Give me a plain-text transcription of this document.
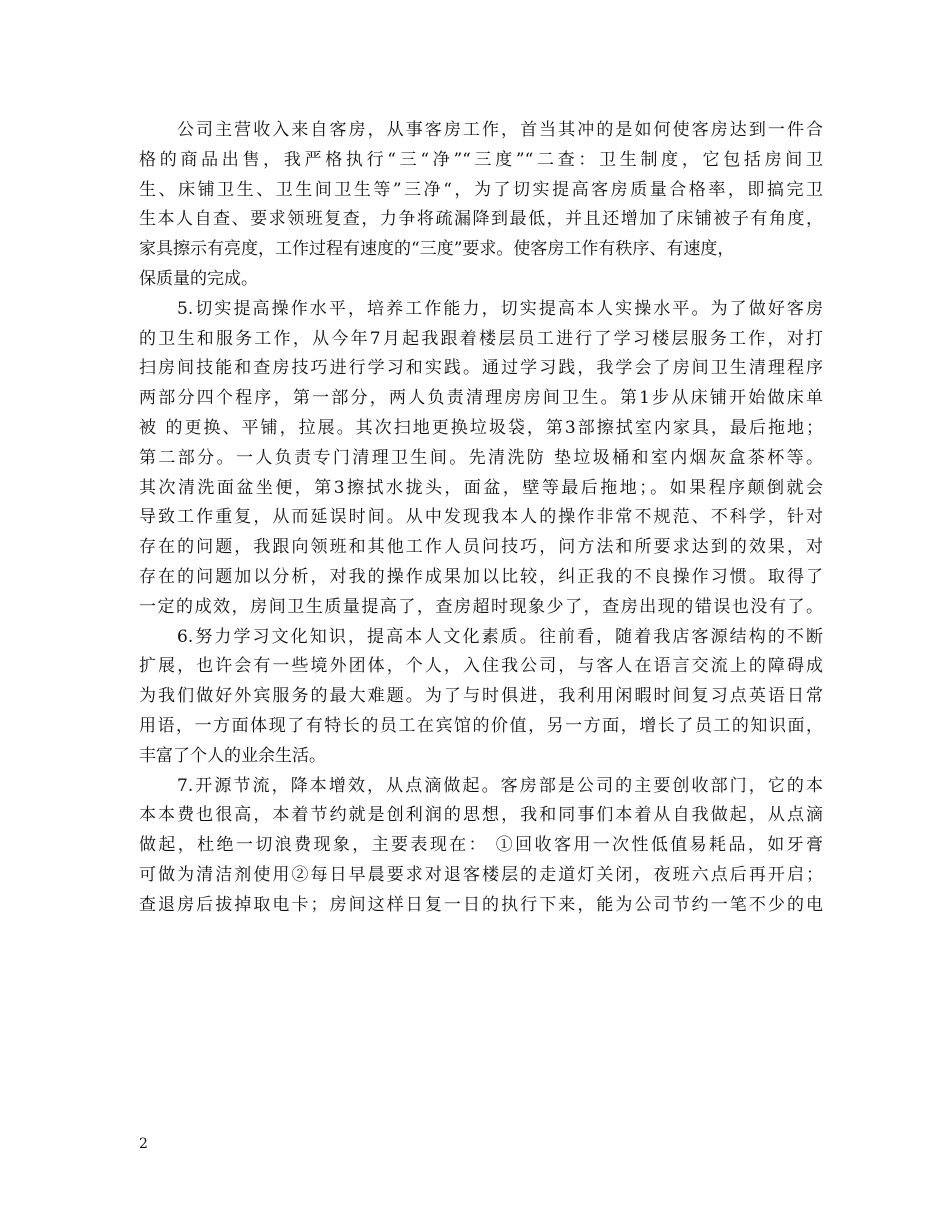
公司主营收入来自客房，从事客房工作，首当其冲的是如何使客房达到一件合
格的商品出售，我严格执行“三“净”“三度”“二查：卫生制度，它包括房间卫
生、床铺卫生、卫生间卫生等”三净“，为了切实提高客房质量合格率，即搞完卫
生本人自查、要求领班复查，力争将疏漏降到最低，并且还增加了床铺被子有角度，
家具擦示有亮度，工作过程有速度的“三度”要求。使客房工作有秩序、有速度，
保质量的完成。
5.切实提高操作水平，培养工作能力，切实提高本人实操水平。为了做好客房
的卫生和服务工作，从今年7月起我跟着楼层员工进行了学习楼层服务工作，对打
扫房间技能和查房技巧进行学习和实践。通过学习践，我学会了房间卫生清理程序
两部分四个程序，第一部分，两人负责清理房房间卫生。第1步从床铺开始做床单
被 的更换、平铺，拉展。其次扫地更换垃圾袋，第3部擦拭室内家具，最后拖地；
第二部分。一人负责专门清理卫生间。先清洗防 垫垃圾桶和室内烟灰盒茶杯等。
其次清洗面盆坐便，第3擦拭水拢头，面盆，壁等最后拖地；。如果程序颠倒就会
导致工作重复，从而延误时间。从中发现我本人的操作非常不规范、不科学，针对
存在的问题，我跟向领班和其他工作人员问技巧，问方法和所要求达到的效果，对
存在的问题加以分析，对我的操作成果加以比较，纠正我的不良操作习惯。取得了
一定的成效，房间卫生质量提高了，查房超时现象少了，查房出现的错误也没有了。
6.努力学习文化知识，提高本人文化素质。往前看，随着我店客源结构的不断
扩展，也许会有一些境外团体，个人，入住我公司，与客人在语言交流上的障碍成
为我们做好外宾服务的最大难题。为了与时俱进，我利用闲暇时间复习点英语日常
用语，一方面体现了有特长的员工在宾馆的价值，另一方面，增长了员工的知识面，
丰富了个人的业余生活。
7.开源节流，降本增效，从点滴做起。客房部是公司的主要创收部门，它的本
本本费也很高，本着节约就是创利润的思想，我和同事们本着从自我做起，从点滴
做起，杜绝一切浪费现象，主要表现在： ①回收客用一次性低值易耗品，如牙膏
可做为清洁剂使用②每日早晨要求对退客楼层的走道灯关闭，夜班六点后再开启；
查退房后拔掉取电卡；房间这样日复一日的执行下来，能为公司节约一笔不少的电
2
